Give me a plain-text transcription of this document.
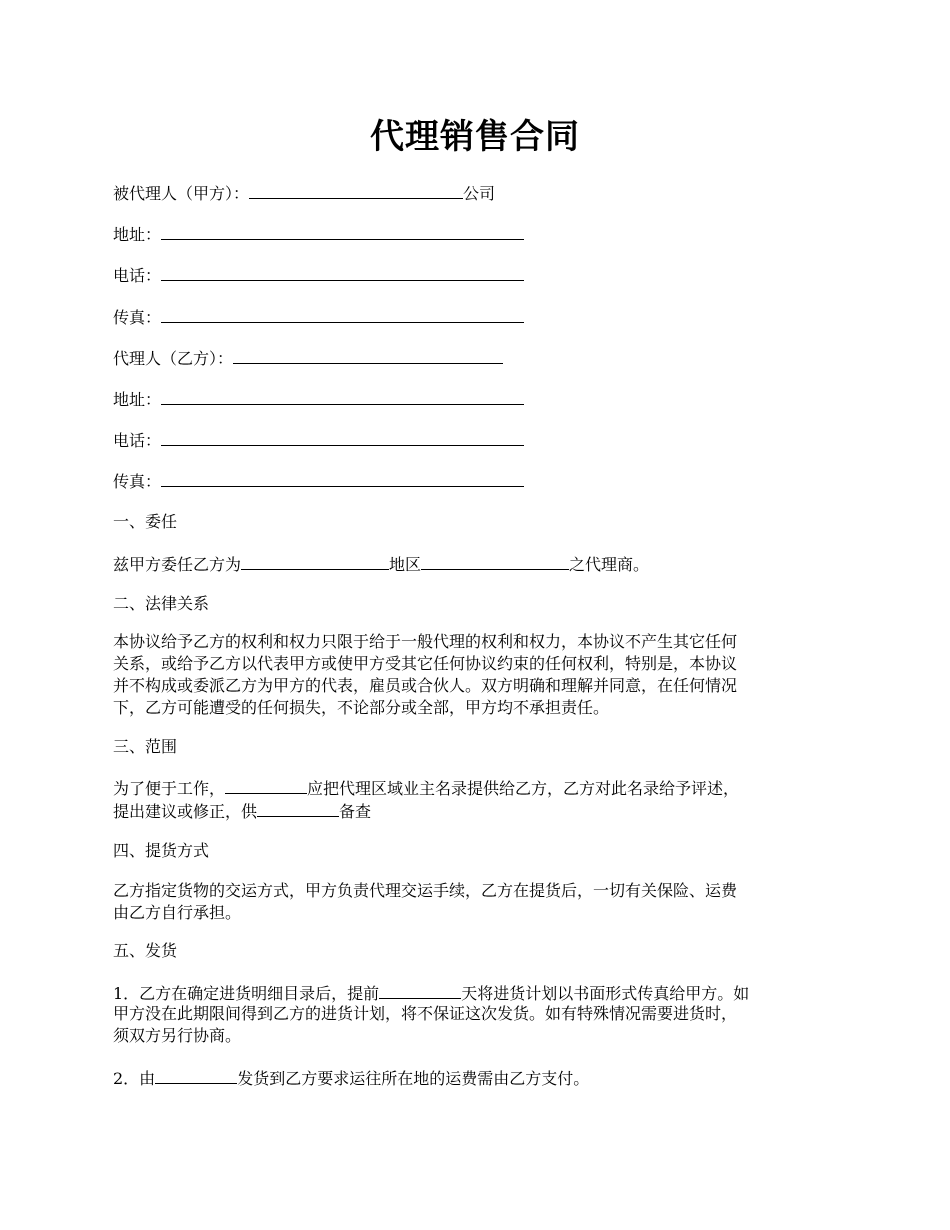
代理销售合同
被代理人（甲方）：	公司
地址：
电话：
传真：
代理人（乙方）：
地址：
电话：
传真：
一、委任
兹甲方委任乙方为	地区	之代理商。
二、法律关系
本协议给予乙方的权利和权力只限于给于一般代理的权利和权力，本协议不产生其它任何
关系，或给予乙方以代表甲方或使甲方受其它任何协议约束的任何权利，特别是，本协议
并不构成或委派乙方为甲方的代表，雇员或合伙人。双方明确和理解并同意，在任何情况
下，乙方可能遭受的任何损失，不论部分或全部，甲方均不承担责任。
三、范围
为了便于工作，	应把代理区域业主名录提供给乙方，乙方对此名录给予评述，
提出建议或修正，供	备查
四、提货方式
乙方指定货物的交运方式，甲方负责代理交运手续，乙方在提货后，一切有关保险、运费
由乙方自行承担。
五、发货
1．乙方在确定进货明细目录后，提前	天将进货计划以书面形式传真给甲方。如
甲方没在此期限间得到乙方的进货计划，将不保证这次发货。如有特殊情况需要进货时，
须双方另行协商。
2．由	发货到乙方要求运往所在地的运费需由乙方支付。
